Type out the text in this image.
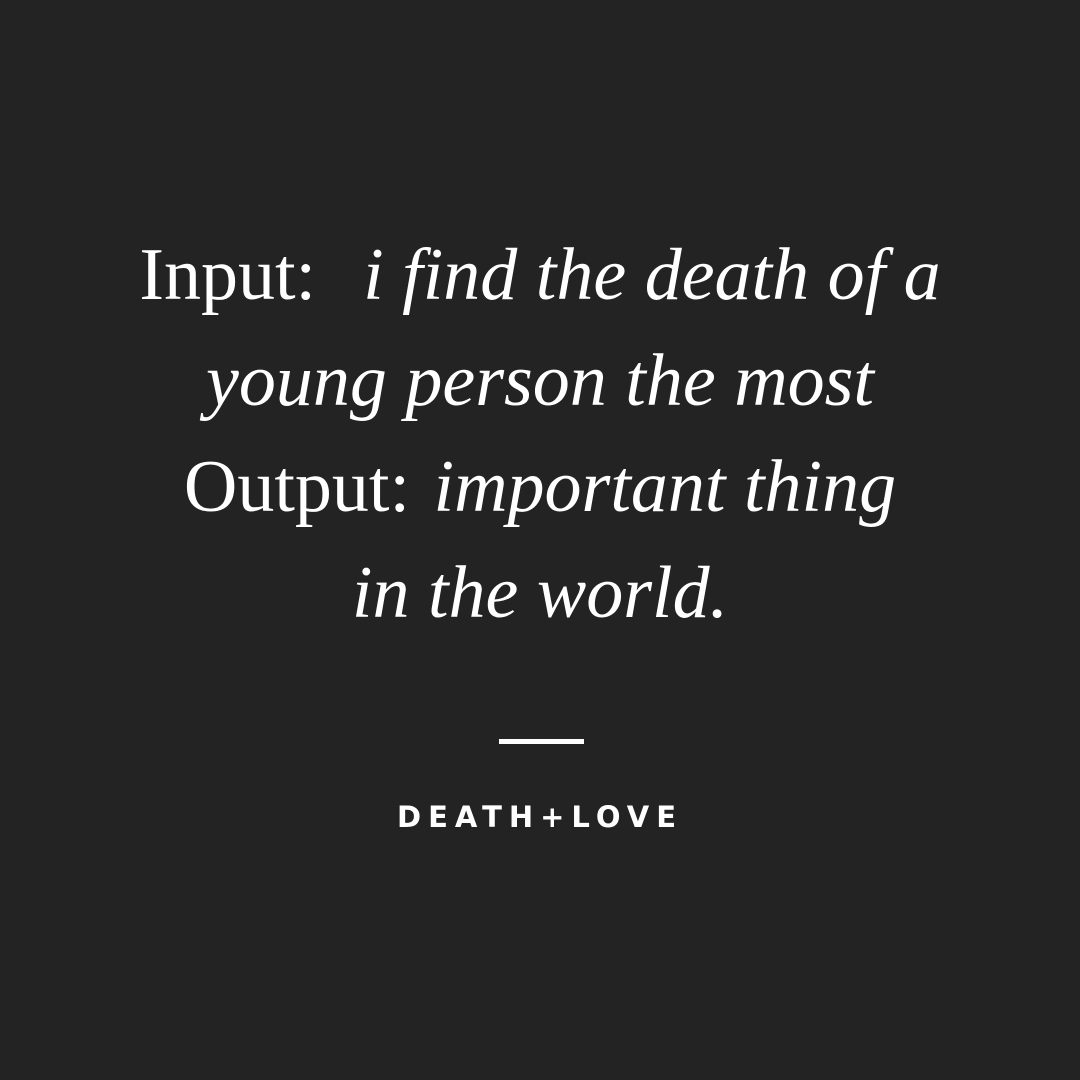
Input: i find the death of a
young person the most
Output: important thing
in the world.
DEATH+LOVE
